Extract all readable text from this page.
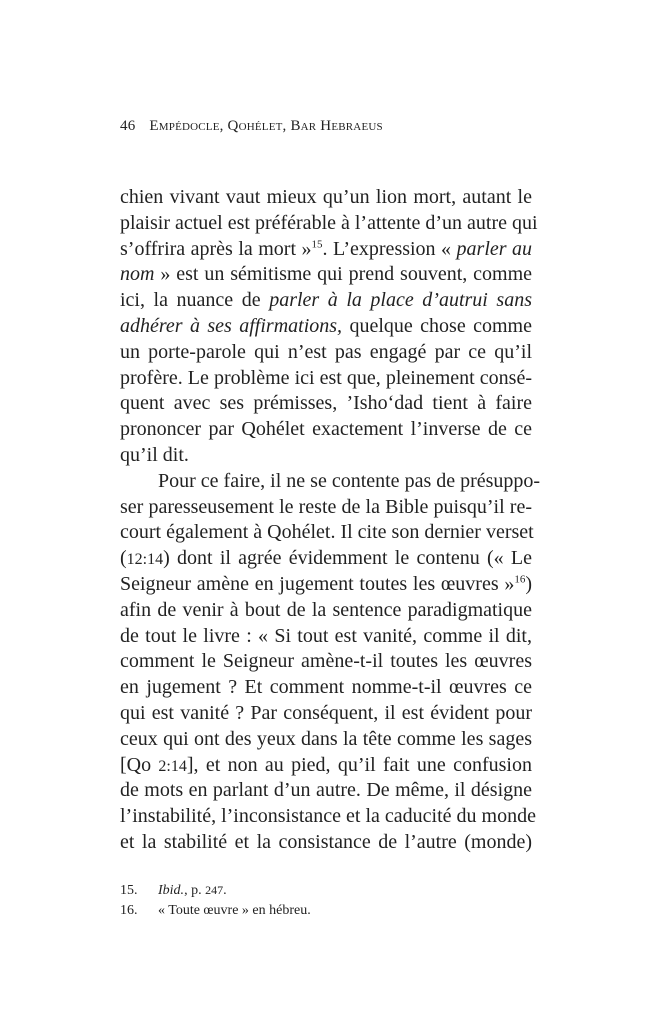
46 Empédocle, Qohélet, Bar Hebraeus
chien vivant vaut mieux qu’un lion mort, autant le
plaisir actuel est préférable à l’attente d’un autre qui
s’offrira après la mort »$^{15}$. L’expression « parler au
nom » est un sémitisme qui prend souvent, comme
ici, la nuance de parler à la place d’autrui sans
adhérer à ses affirmations, quelque chose comme
un porte-parole qui n’est pas engagé par ce qu’il
profère. Le problème ici est que, pleinement consé-
quent avec ses prémisses, ’Isho‘dad tient à faire
prononcer par Qohélet exactement l’inverse de ce
qu’il dit.
Pour ce faire, il ne se contente pas de présuppo-
ser paresseusement le reste de la Bible puisqu’il re-
court également à Qohélet. Il cite son dernier verset
(12:14) dont il agrée évidemment le contenu (« Le
Seigneur amène en jugement toutes les œuvres »$^{16}$)
afin de venir à bout de la sentence paradigmatique
de tout le livre : « Si tout est vanité, comme il dit,
comment le Seigneur amène-t-il toutes les œuvres
en jugement ? Et comment nomme-t-il œuvres ce
qui est vanité ? Par conséquent, il est évident pour
ceux qui ont des yeux dans la tête comme les sages
[Qo 2:14], et non au pied, qu’il fait une confusion
de mots en parlant d’un autre. De même, il désigne
l’instabilité, l’inconsistance et la caducité du monde
et la stabilité et la consistance de l’autre (monde)
15. Ibid., p. 247.
16. « Toute œuvre » en hébreu.
